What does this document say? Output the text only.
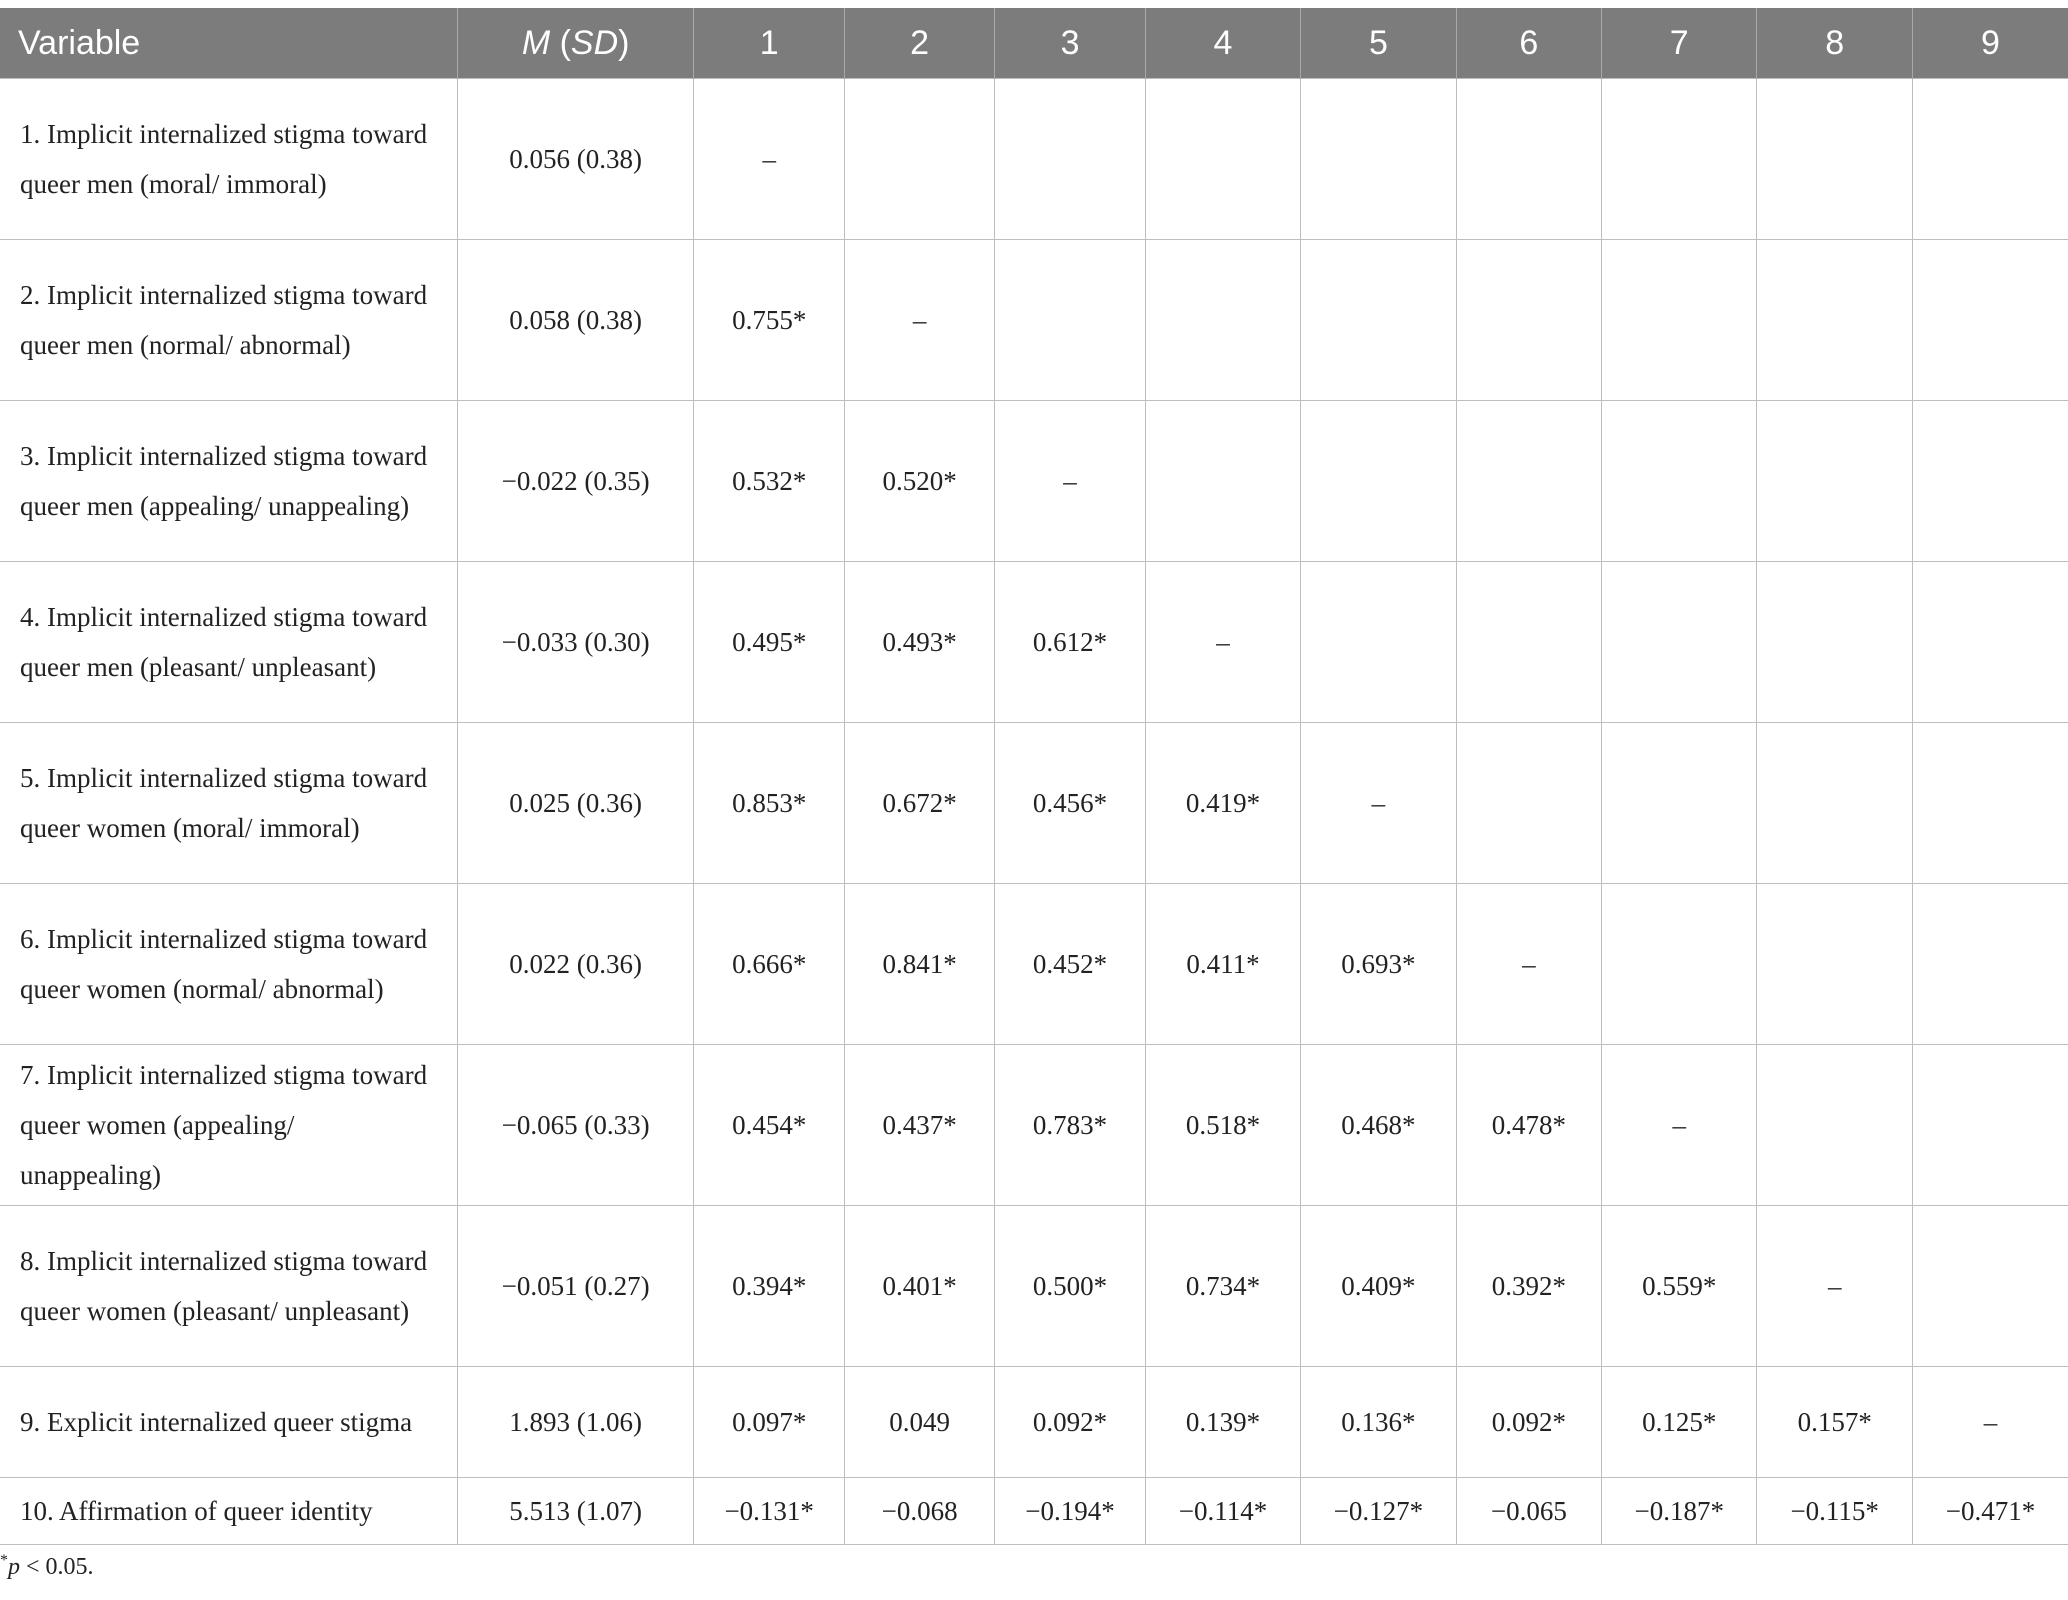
Variable	M (SD)	1	2	3	4	5	6	7	8	9
1. Implicit internalized stigma toward queer men (moral/ immoral)	0.056 (0.38)	–								
2. Implicit internalized stigma toward queer men (normal/ abnormal)	0.058 (0.38)	0.755*	–							
3. Implicit internalized stigma toward queer men (appealing/ unappealing)	−0.022 (0.35)	0.532*	0.520*	–						
4. Implicit internalized stigma toward queer men (pleasant/ unpleasant)	−0.033 (0.30)	0.495*	0.493*	0.612*	–					
5. Implicit internalized stigma toward queer women (moral/ immoral)	0.025 (0.36)	0.853*	0.672*	0.456*	0.419*	–				
6. Implicit internalized stigma toward queer women (normal/ abnormal)	0.022 (0.36)	0.666*	0.841*	0.452*	0.411*	0.693*	–			
7. Implicit internalized stigma toward queer women (appealing/ unappealing)	−0.065 (0.33)	0.454*	0.437*	0.783*	0.518*	0.468*	0.478*	–		
8. Implicit internalized stigma toward queer women (pleasant/ unpleasant)	−0.051 (0.27)	0.394*	0.401*	0.500*	0.734*	0.409*	0.392*	0.559*	–	
9. Explicit internalized queer stigma	1.893 (1.06)	0.097*	0.049	0.092*	0.139*	0.136*	0.092*	0.125*	0.157*	–
10. Affirmation of queer identity	5.513 (1.07)	−0.131*	−0.068	−0.194*	−0.114*	−0.127*	−0.065	−0.187*	−0.115*	−0.471*
*p < 0.05.
